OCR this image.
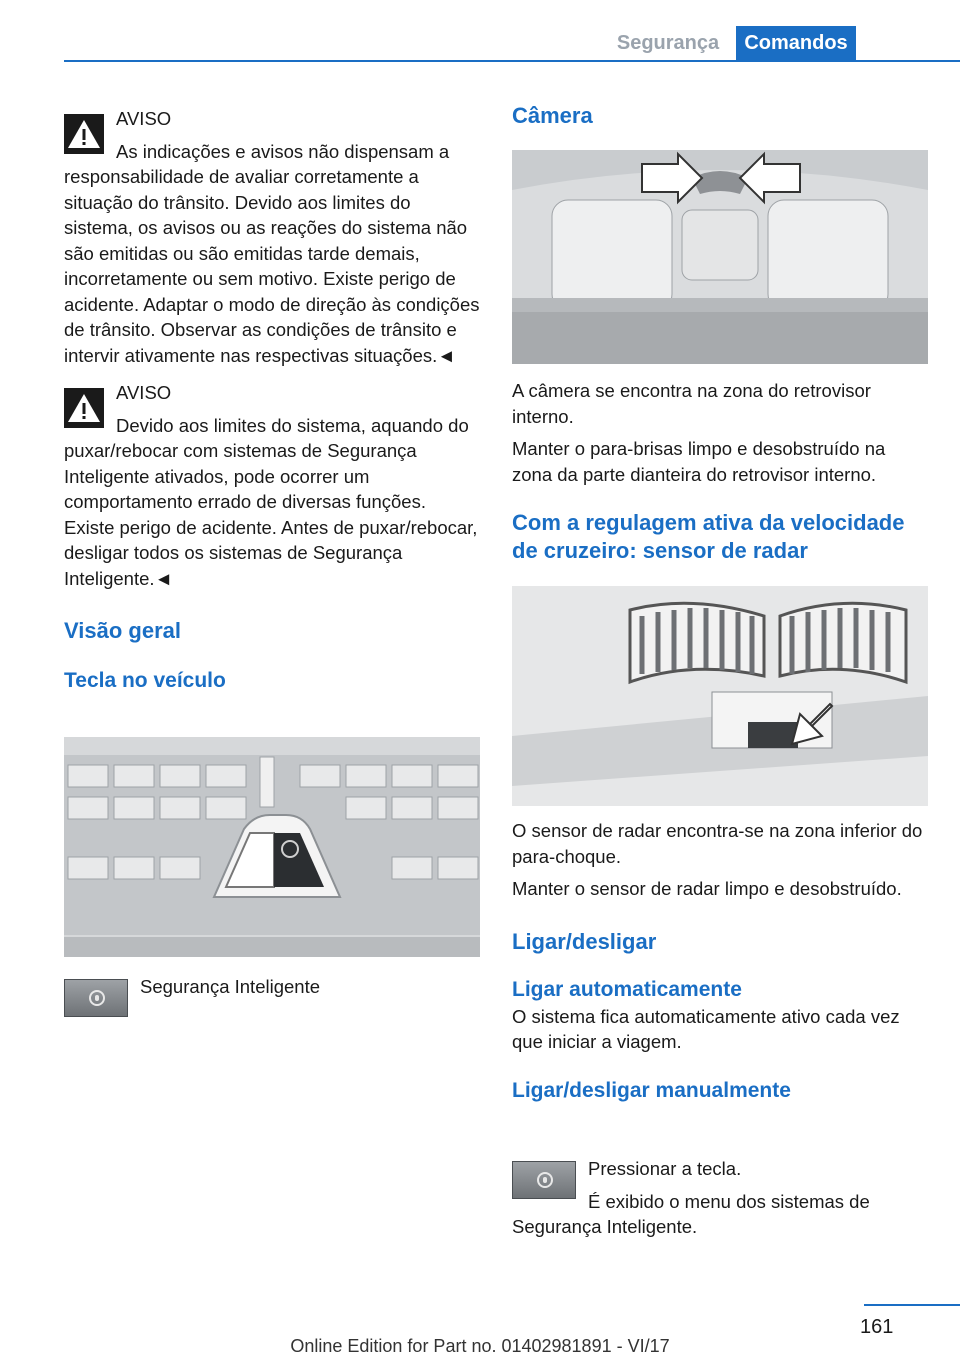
Segurança	Comandos

AVISO

As indicações e avisos não dispensam a responsabilidade de avaliar corretamente a situação do trânsito. Devido aos limites do sistema, os avisos ou as reações do sistema não são emitidas ou são emitidas tarde demais, incorretamente ou sem motivo. Existe perigo de acidente. Adaptar o modo de direção às condições de trânsito. Observar as condições de trânsito e intervir ativamente nas respectivas situações.◄

AVISO

Devido aos limites do sistema, aquando do puxar/rebocar com sistemas de Segurança Inteligente ativados, pode ocorrer um comportamento errado de diversas funções. Existe perigo de acidente. Antes de puxar/rebocar, desligar todos os sistemas de Segurança Inteligente.◄

Visão geral
Tecla no veículo
Segurança Inteligente
Câmera

A câmera se encontra na zona do retrovisor interno.

Manter o para-brisas limpo e desobstruído na zona da parte dianteira do retrovisor interno.

Com a regulagem ativa da velocidade de cruzeiro: sensor de radar

O sensor de radar encontra-se na zona inferior do para-choque.

Manter o sensor de radar limpo e desobstruído.

Ligar/desligar
Ligar automaticamente

O sistema fica automaticamente ativo cada vez que iniciar a viagem.

Ligar/desligar manualmente

Pressionar a tecla.

É exibido o menu dos sistemas de Segurança Inteligente.

161
Online Edition for Part no. 01402981891 - VI/17
